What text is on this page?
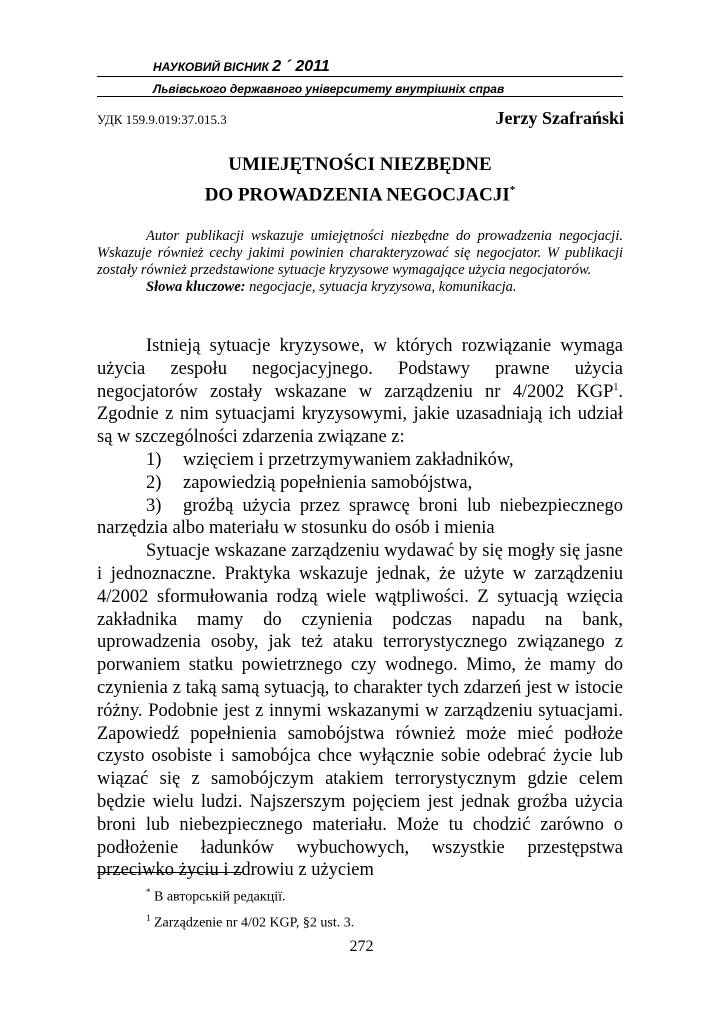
НАУКОВИЙ ВІСНИК 2 ´ 2011
Львівського державного університету внутрішніх справ
УДК 159.9.019:37.015.3	Jerzy Szafrański
UMIEJĘTNOŚCI NIEZBĘDNE
DO PROWADZENIA NEGOCJACJI*

Autor publikacji wskazuje umiejętności niezbędne do prowadzenia negocjacji. Wskazuje również cechy jakimi powinien charakteryzować się negocjator. W publikacji zostały również przedstawione sytuacje kryzysowe wymagające użycia negocjatorów.

Słowa kluczowe: negocjacje, sytuacja kryzysowa, komunikacja.

Istnieją sytuacje kryzysowe, w których rozwiązanie wymaga użycia zespołu negocjacyjnego. Podstawy prawne użycia negocjatorów zostały wskazane w zarządzeniu nr 4/2002 KGP$^1$. Zgodnie z nim sytuacjami kryzysowymi, jakie uzasadniają ich udział są w szczególności zdarzenia związane z:

1) wzięciem i przetrzymywaniem zakładników,

2) zapowiedzią popełnienia samobójstwa,

3) groźbą użycia przez sprawcę broni lub niebezpiecznego narzędzia albo materiału w stosunku do osób i mienia

Sytuacje wskazane zarządzeniu wydawać by się mogły się jasne i jednoznaczne. Praktyka wskazuje jednak, że użyte w zarządzeniu 4/2002 sformułowania rodzą wiele wątpliwości. Z sytuacją wzięcia zakładnika mamy do czynienia podczas napadu na bank, uprowadzenia osoby, jak też ataku terrorystycznego związanego z porwaniem statku powietrznego czy wodnego. Mimo, że mamy do czynienia z taką samą sytuacją, to charakter tych zdarzeń jest w istocie różny. Podobnie jest z innymi wskazanymi w zarządzeniu sytuacjami. Zapowiedź popełnienia samobójstwa również może mieć podłoże czysto osobiste i samobójca chce wyłącznie sobie odebrać życie lub wiązać się z samobójczym atakiem terrorystycznym gdzie celem będzie wielu ludzi. Najszerszym pojęciem jest jednak groźba użycia broni lub niebezpiecznego materiału. Może tu chodzić zarówno o podłożenie ładunków wybuchowych, wszystkie przestępstwa przeciwko życiu i zdrowiu z użyciem

* В авторській редакції.
$^1$ Zarządzenie nr 4/02 KGP, §2 ust. 3.
272
